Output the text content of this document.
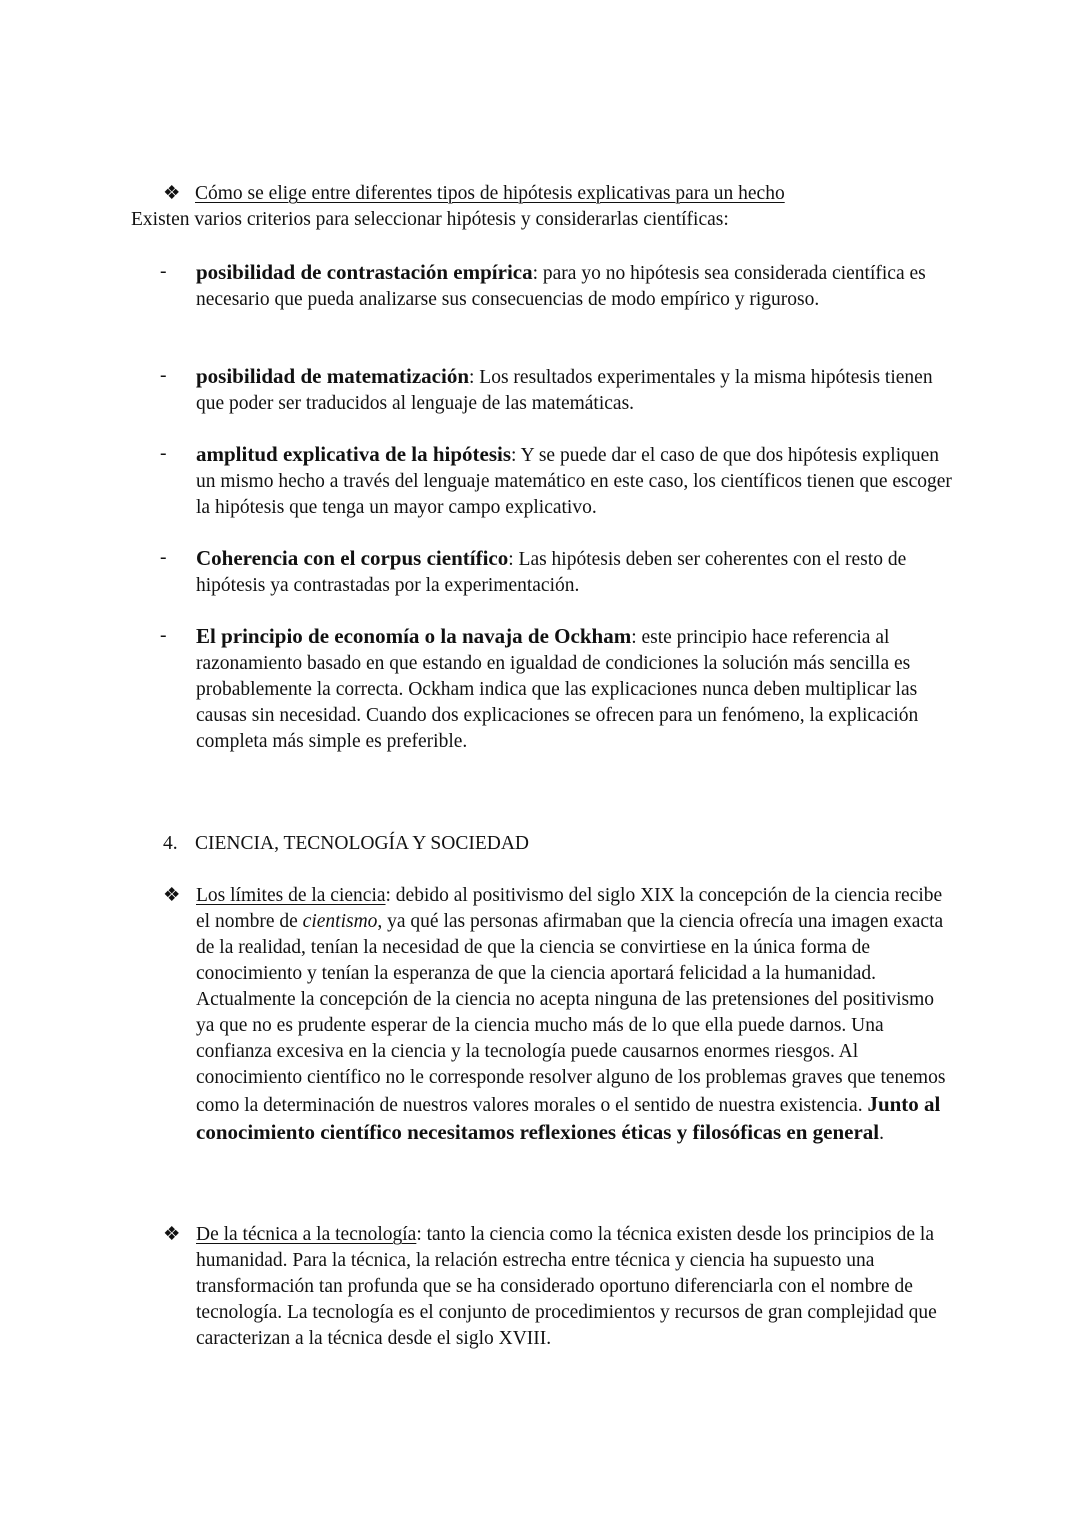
❖ Cómo se elige entre diferentes tipos de hipótesis explicativas para un hecho
Existen varios criterios para seleccionar hipótesis y considerarlas científicas:
-	posibilidad de contrastación empírica: para yo no hipótesis sea considerada científica es necesario que pueda analizarse sus consecuencias de modo empírico y riguroso.
-	posibilidad de matematización: Los resultados experimentales y la misma hipótesis tienen que poder ser traducidos al lenguaje de las matemáticas.
-	amplitud explicativa de la hipótesis: Y se puede dar el caso de que dos hipótesis expliquen un mismo hecho a través del lenguaje matemático en este caso, los científicos tienen que escoger la hipótesis que tenga un mayor campo explicativo.
-	Coherencia con el corpus científico: Las hipótesis deben ser coherentes con el resto de hipótesis ya contrastadas por la experimentación.
-	El principio de economía o la navaja de Ockham: este principio hace referencia al razonamiento basado en que estando en igualdad de condiciones la solución más sencilla es probablemente la correcta. Ockham indica que las explicaciones nunca deben multiplicar las causas sin necesidad. Cuando dos explicaciones se ofrecen para un fenómeno, la explicación completa más simple es preferible.
4. CIENCIA, TECNOLOGÍA Y SOCIEDAD
❖ Los límites de la ciencia: debido al positivismo del siglo XIX la concepción de la ciencia recibe el nombre de cientismo, ya qué las personas afirmaban que la ciencia ofrecía una imagen exacta de la realidad, tenían la necesidad de que la ciencia se convirtiese en la única forma de conocimiento y tenían la esperanza de que la ciencia aportará felicidad a la humanidad. Actualmente la concepción de la ciencia no acepta ninguna de las pretensiones del positivismo ya que no es prudente esperar de la ciencia mucho más de lo que ella puede darnos. Una confianza excesiva en la ciencia y la tecnología puede causarnos enormes riesgos. Al conocimiento científico no le corresponde resolver alguno de los problemas graves que tenemos como la determinación de nuestros valores morales o el sentido de nuestra existencia. Junto al conocimiento científico necesitamos reflexiones éticas y filosóficas en general.
❖ De la técnica a la tecnología: tanto la ciencia como la técnica existen desde los principios de la humanidad. Para la técnica, la relación estrecha entre técnica y ciencia ha supuesto una transformación tan profunda que se ha considerado oportuno diferenciarla con el nombre de tecnología. La tecnología es el conjunto de procedimientos y recursos de gran complejidad que caracterizan a la técnica desde el siglo XVIII.
